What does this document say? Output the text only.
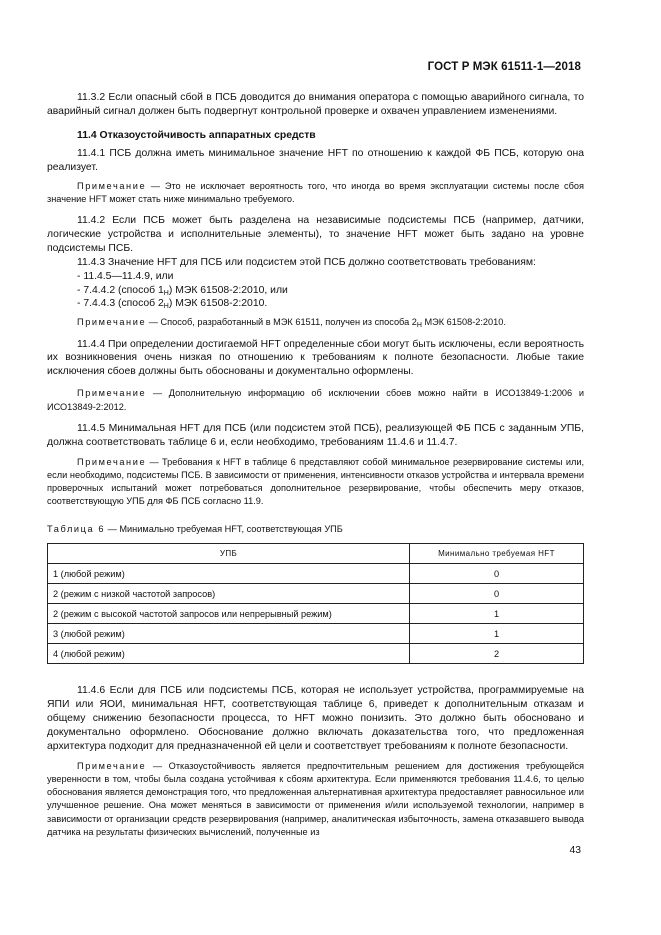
ГОСТ Р МЭК 61511-1—2018

11.3.2 Если опасный сбой в ПСБ доводится до внимания оператора с помощью аварийного сигнала, то аварийный сигнал должен быть подвергнут контрольной проверке и охвачен управлением изменениями.

11.4 Отказоустойчивость аппаратных средств

11.4.1 ПСБ должна иметь минимальное значение HFT по отношению к каждой ФБ ПСБ, которую она реализует.

Примечание — Это не исключает вероятность того, что иногда во время эксплуатации системы после сбоя значение HFT может стать ниже минимально требуемого.

11.4.2 Если ПСБ может быть разделена на независимые подсистемы ПСБ (например, датчики, логические устройства и исполнительные элементы), то значение HFT может быть задано на уровне подсистемы ПСБ.

11.4.3 Значение HFT для ПСБ или подсистем этой ПСБ должно соответствовать требованиям:

- 11.4.5—11.4.9, или

- 7.4.4.2 (способ $1_H$) МЭК 61508-2:2010, или

- 7.4.4.3 (способ $2_H$) МЭК 61508-2:2010.

Примечание — Способ, разработанный в МЭК 61511, получен из способа $2_H$ МЭК 61508-2:2010.

11.4.4 При определении достигаемой HFT определенные сбои могут быть исключены, если вероятность их возникновения очень низкая по отношению к требованиям к полноте безопасности. Любые такие исключения сбоев должны быть обоснованы и документально оформлены.

Примечание — Дополнительную информацию об исключении сбоев можно найти в ИСО13849-1:2006 и ИСО13849-2:2012.

11.4.5 Минимальная HFT для ПСБ (или подсистем этой ПСБ), реализующей ФБ ПСБ с заданным УПБ, должна соответствовать таблице 6 и, если необходимо, требованиям 11.4.6 и 11.4.7.

Примечание — Требования к HFT в таблице 6 представляют собой минимальное резервирование системы или, если необходимо, подсистемы ПСБ. В зависимости от применения, интенсивности отказов устройства и интервала времени проверочных испытаний может потребоваться дополнительное резервирование, чтобы обеспечить меру отказов, соответствующую УПБ для ФБ ПСБ согласно 11.9.

Таблица 6 — Минимально требуемая HFT, соответствующая УПБ

УПБ	Минимально требуемая HFT
1 (любой режим)	0
2 (режим с низкой частотой запросов)	0
2 (режим с высокой частотой запросов или непрерывный режим)	1
3 (любой режим)	1
4 (любой режим)	2

11.4.6 Если для ПСБ или подсистемы ПСБ, которая не использует устройства, программируемые на ЯПИ или ЯОИ, минимальная HFT, соответствующая таблице 6, приведет к дополнительным отказам и общему снижению безопасности процесса, то HFT можно понизить. Это должно быть обосновано и документально оформлено. Обоснование должно включать доказательства того, что предложенная архитектура подходит для предназначенной ей цели и соответствует требованиям к полноте безопасности.

Примечание — Отказоустойчивость является предпочтительным решением для достижения требующейся уверенности в том, чтобы была создана устойчивая к сбоям архитектура. Если применяются требования 11.4.6, то целью обоснования является демонстрация того, что предложенная альтернативная архитектура предоставляет равносильное или улучшенное решение. Она может меняться в зависимости от применения и/или используемой технологии, например в зависимости от организации средств резервирования (например, аналитическая избыточность, замена отказавшего вывода датчика на результаты физических вычислений, полученные из

43
